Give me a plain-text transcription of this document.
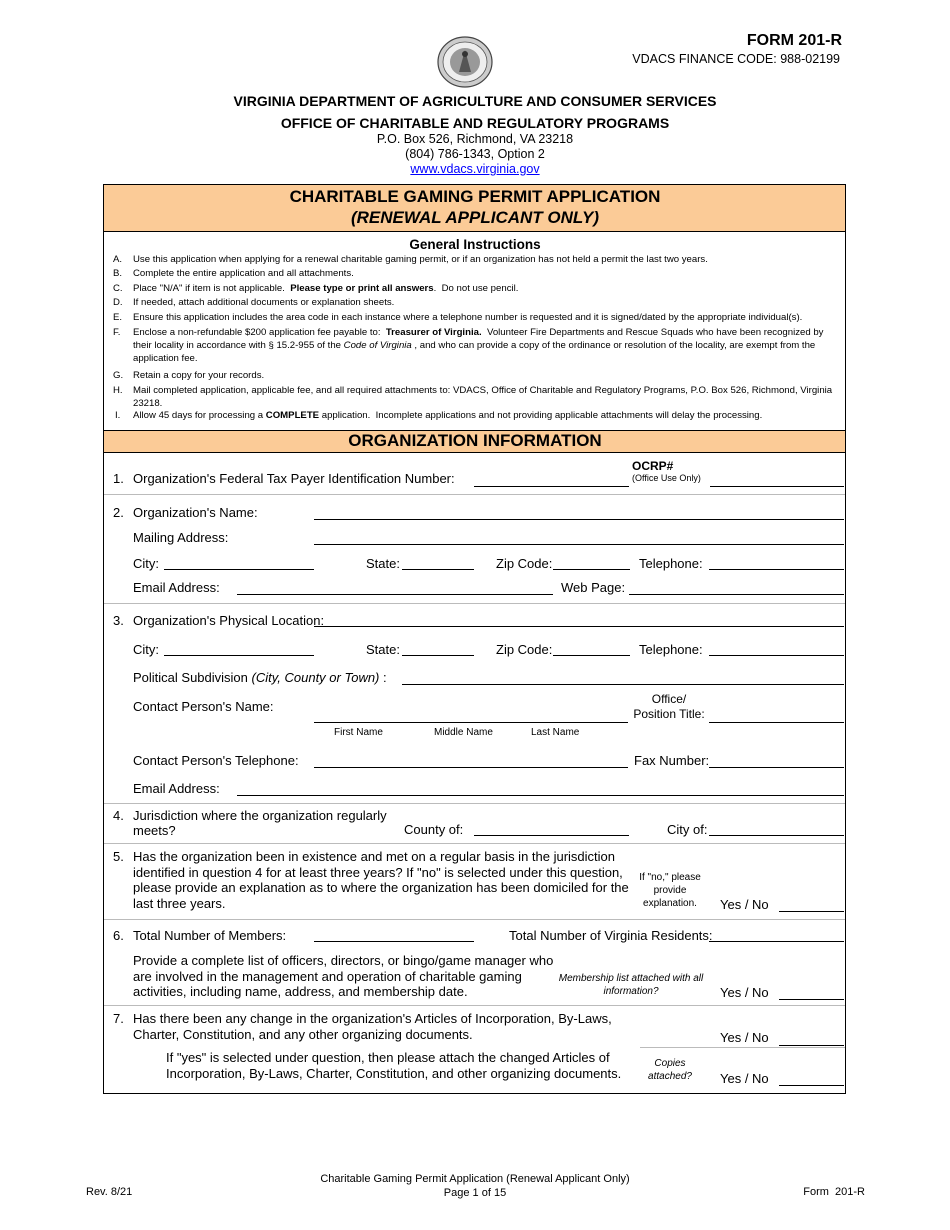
FORM 201-R
VDACS FINANCE CODE: 988-02199
VIRGINIA DEPARTMENT OF AGRICULTURE AND CONSUMER SERVICES
OFFICE OF CHARITABLE AND REGULATORY PROGRAMS
P.O. Box 526, Richmond, VA 23218
(804) 786-1343, Option 2
www.vdacs.virginia.gov
CHARITABLE GAMING PERMIT APPLICATION
(RENEWAL APPLICANT ONLY)
General Instructions
A. Use this application when applying for a renewal charitable gaming permit, or if an organization has not held a permit the last two years.
B. Complete the entire application and all attachments.
C. Place "N/A" if item is not applicable.  Please type or print all answers.  Do not use pencil.
D. If needed, attach additional documents or explanation sheets.
E. Ensure this application includes the area code in each instance where a telephone number is requested and it is signed/dated by the appropriate individual(s).
F. Enclose a non-refundable $200 application fee payable to:  Treasurer of Virginia.  Volunteer Fire Departments and Rescue Squads who have been recognized by their locality in accordance with § 15.2-955 of the Code of Virginia , and who can provide a copy of the ordinance or resolution of the locality, are exempt from the application fee.
G. Retain a copy for your records.
H. Mail completed application, applicable fee, and all required attachments to: VDACS, Office of Charitable and Regulatory Programs, P.O. Box 526, Richmond, Virginia 23218.
I. Allow 45 days for processing a COMPLETE application.  Incomplete applications and not providing applicable attachments will delay the processing.
ORGANIZATION INFORMATION
1. Organization's Federal Tax Payer Identification Number:
OCRP#
(Office Use Only)
2. Organization's Name:
Mailing Address:
City:	State:	Zip Code:	Telephone:
Email Address:	Web Page:
3. Organization's Physical Location:
City:	State:	Zip Code:	Telephone:
Political Subdivision (City, County or Town) :
Contact Person's Name:	Office/
Position Title:
First Name	Middle Name	Last Name
Contact Person's Telephone:	Fax Number:
Email Address:
4. Jurisdiction where the organization regularly
meets?	County of:	City of:
5. Has the organization been in existence and met on a regular basis in the jurisdiction
identified in question 4 for at least three years? If "no" is selected under this question,
please provide an explanation as to where the organization has been domiciled for the
last three years.
If "no," please
provide
explanation.	Yes / No
6. Total Number of Members:	Total Number of Virginia Residents:
Provide a complete list of officers, directors, or bingo/game manager who
are involved in the management and operation of charitable gaming
activities, including name, address, and membership date.
Membership list attached with all
information?	Yes / No
7. Has there been any change in the organization's Articles of Incorporation, By-Laws,
Charter, Constitution, and any other organizing documents.	Yes / No
If "yes" is selected under question, then please attach the changed Articles of
Incorporation, By-Laws, Charter, Constitution, and other organizing documents.
Copies
attached?	Yes / No
Rev. 8/21
Charitable Gaming Permit Application (Renewal Applicant Only)
Page 1 of 15	Form  201-R
